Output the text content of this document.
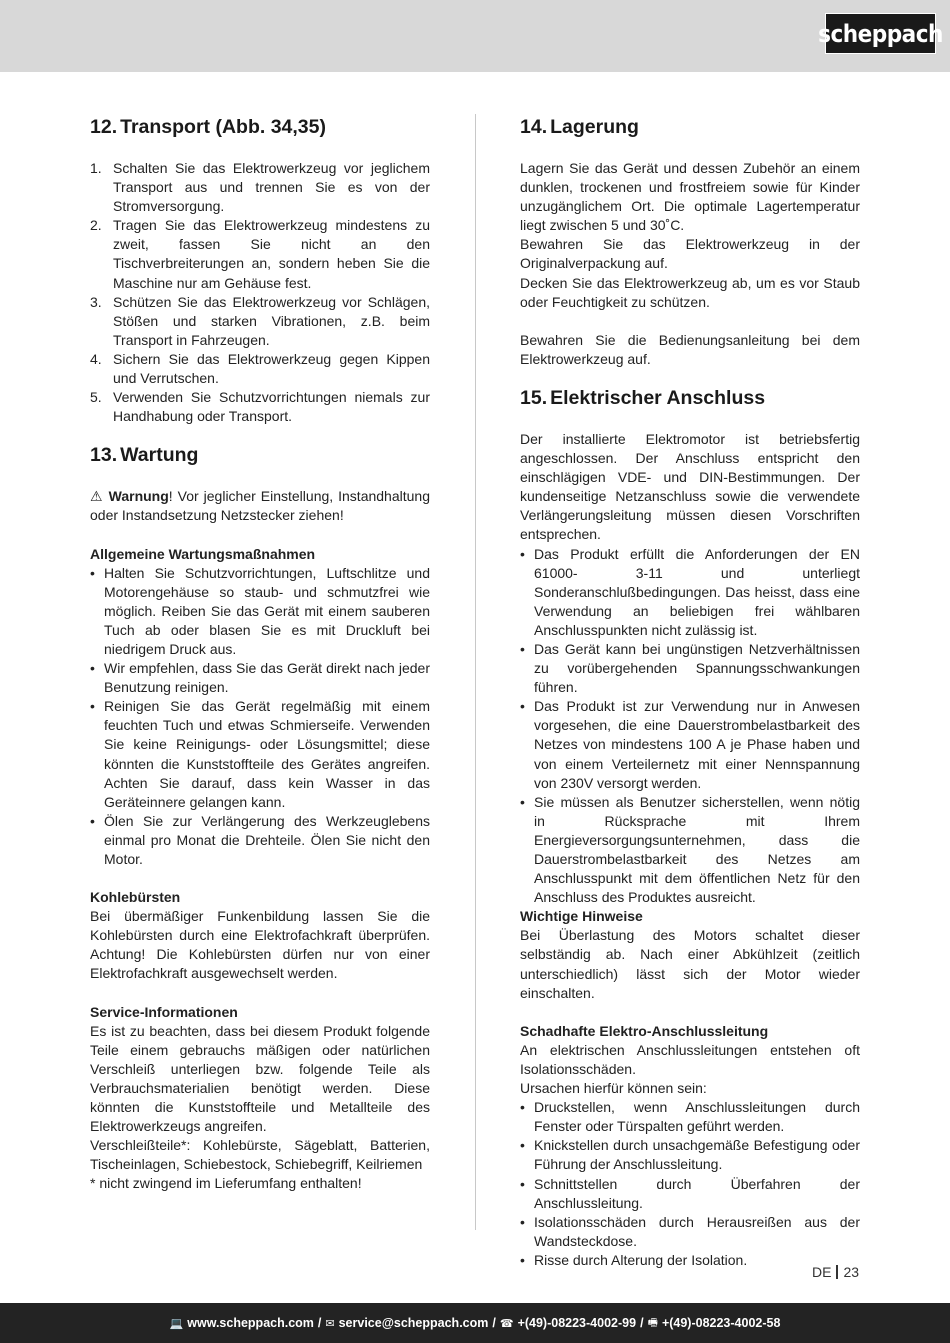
scheppach
12. Transport (Abb. 34,35)
1. Schalten Sie das Elektrowerkzeug vor jeglichem Transport aus und trennen Sie es von der Stromversorgung.
2. Tragen Sie das Elektrowerkzeug mindestens zu zweit, fassen Sie nicht an den Tischverbreiterungen an, sondern heben Sie die Maschine nur am Gehäuse fest.
3. Schützen Sie das Elektrowerkzeug vor Schlägen, Stößen und starken Vibrationen, z.B. beim Transport in Fahrzeugen.
4. Sichern Sie das Elektrowerkzeug gegen Kippen und Verrutschen.
5. Verwenden Sie Schutzvorrichtungen niemals zur Handhabung oder Transport.
13. Wartung

⚠ Warnung! Vor jeglicher Einstellung, Instandhaltung oder Instandsetzung Netzstecker ziehen!

Allgemeine Wartungsmaßnahmen
• Halten Sie Schutzvorrichtungen, Luftschlitze und Motorengehäuse so staub- und schmutzfrei wie möglich. Reiben Sie das Gerät mit einem sauberen Tuch ab oder blasen Sie es mit Druckluft bei niedrigem Druck aus.
• Wir empfehlen, dass Sie das Gerät direkt nach jeder Benutzung reinigen.
• Reinigen Sie das Gerät regelmäßig mit einem feuchten Tuch und etwas Schmierseife. Verwenden Sie keine Reinigungs- oder Lösungsmittel; diese könnten die Kunststoffteile des Gerätes angreifen. Achten Sie darauf, dass kein Wasser in das Geräteinnere gelangen kann.
• Ölen Sie zur Verlängerung des Werkzeuglebens einmal pro Monat die Drehteile. Ölen Sie nicht den Motor.
Kohlebürsten

Bei übermäßiger Funkenbildung lassen Sie die Kohlebürsten durch eine Elektrofachkraft überprüfen. Achtung! Die Kohlebürsten dürfen nur von einer Elektrofachkraft ausgewechselt werden.

Service-Informationen

Es ist zu beachten, dass bei diesem Produkt folgende Teile einem gebrauchs mäßigen oder natürlichen Verschleiß unterliegen bzw. folgende Teile als Verbrauchsmaterialien benötigt werden. Diese könnten die Kunststoffteile und Metallteile des Elektrowerkzeugs angreifen.

Verschleißteile*: Kohlebürste, Sägeblatt, Batterien, Tischeinlagen, Schiebestock, Schiebegriff, Keilriemen

* nicht zwingend im Lieferumfang enthalten!

14. Lagerung

Lagern Sie das Gerät und dessen Zubehör an einem dunklen, trockenen und frostfreiem sowie für Kinder unzugänglichem Ort. Die optimale Lagertemperatur liegt zwischen 5 und 30˚C.

Bewahren Sie das Elektrowerkzeug in der Originalverpackung auf.

Decken Sie das Elektrowerkzeug ab, um es vor Staub oder Feuchtigkeit zu schützen.

Bewahren Sie die Bedienungsanleitung bei dem Elektrowerkzeug auf.

15. Elektrischer Anschluss

Der installierte Elektromotor ist betriebsfertig angeschlossen. Der Anschluss entspricht den einschlägigen VDE- und DIN-Bestimmungen. Der kundenseitige Netzanschluss sowie die verwendete Verlängerungsleitung müssen diesen Vorschriften entsprechen.

• Das Produkt erfüllt die Anforderungen der EN 61000- 3-11 und unterliegt Sonderanschlußbedingungen. Das heisst, dass eine Verwendung an beliebigen frei wählbaren Anschlusspunkten nicht zulässig ist.
• Das Gerät kann bei ungünstigen Netzverhältnissen zu vorübergehenden Spannungsschwankungen führen.
• Das Produkt ist zur Verwendung nur in Anwesen vorgesehen, die eine Dauerstrombelastbarkeit des Netzes von mindestens 100 A je Phase haben und von einem Verteilernetz mit einer Nennspannung von 230V versorgt werden.
• Sie müssen als Benutzer sicherstellen, wenn nötig in Rücksprache mit Ihrem Energieversorgungsunternehmen, dass die Dauerstrombelastbarkeit des Netzes am Anschlusspunkt mit dem öffentlichen Netz für den Anschluss des Produktes ausreicht.
Wichtige Hinweise

Bei Überlastung des Motors schaltet dieser selbständig ab. Nach einer Abkühlzeit (zeitlich unterschiedlich) lässt sich der Motor wieder einschalten.

Schadhafte Elektro-Anschlussleitung

An elektrischen Anschlussleitungen entstehen oft Isolationsschäden.

Ursachen hierfür können sein:

• Druckstellen, wenn Anschlussleitungen durch Fenster oder Türspalten geführt werden.
• Knickstellen durch unsachgemäße Befestigung oder Führung der Anschlussleitung.
• Schnittstellen durch Überfahren der Anschlussleitung.
• Isolationsschäden durch Herausreißen aus der Wandsteckdose.
• Risse durch Alterung der Isolation.
DE 23
💻 www.scheppach.com / ✉ service@scheppach.com / ☎ +(49)-08223-4002-99 / 🖷 +(49)-08223-4002-58
